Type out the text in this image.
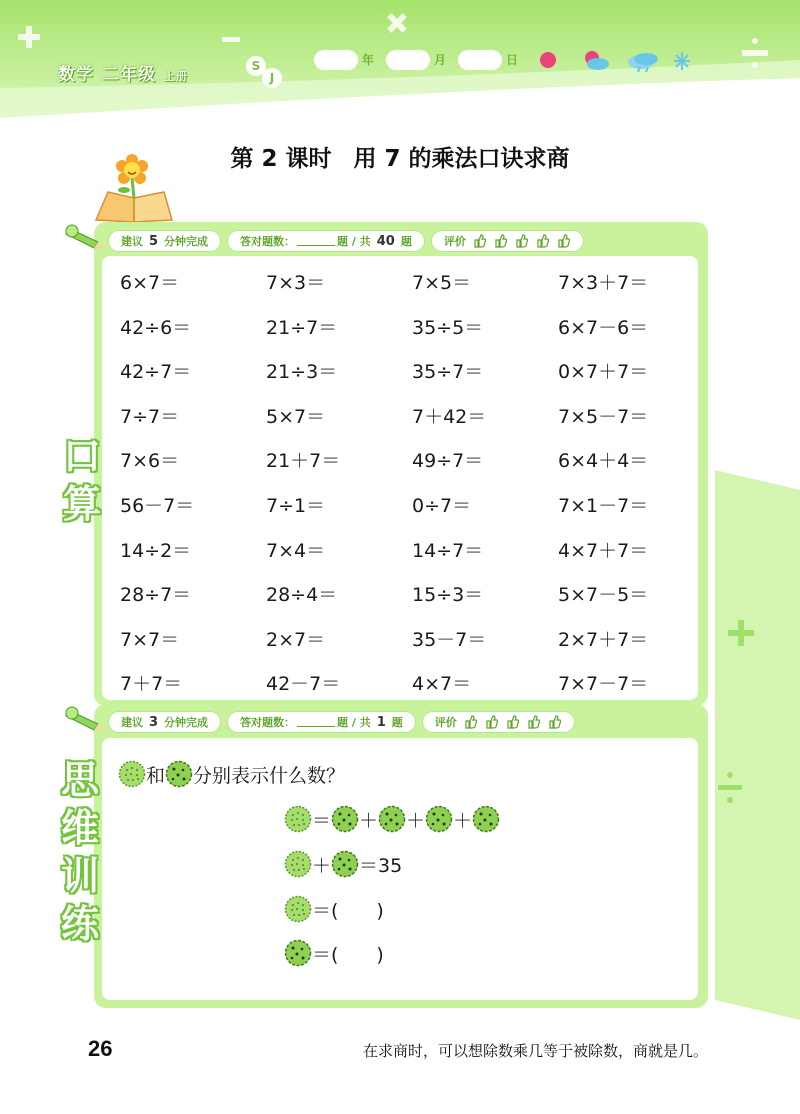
数学 二年级 上册
S
J
年	月	日
第 2 课时 用 7 的乘法口诀求商
建议 5 分钟完成	答对题数：	题 / 共 40 题	评价
口
算
6×7＝	7×3＝	7×5＝	7×3＋7＝
42÷6＝	21÷7＝	35÷5＝	6×7－6＝
42÷7＝	21÷3＝	35÷7＝	0×7＋7＝
7÷7＝	5×7＝	7＋42＝	7×5－7＝
7×6＝	21＋7＝	49÷7＝	6×4＋4＝
56－7＝	7÷1＝	0÷7＝	7×1－7＝
14÷2＝	7×4＝	14÷7＝	4×7＋7＝
28÷7＝	28÷4＝	15÷3＝	5×7－5＝
7×7＝	2×7＝	35－7＝	2×7＋7＝
7＋7＝	42－7＝	4×7＝	7×7－7＝
建议 3 分钟完成	答对题数：	题 / 共 1 题	评价
思
维
训
练
和 分别表示什么数？
＝ ＋ ＋ ＋
＋ ＝35
＝(　　)
＝(　　)
26	在求商时，可以想除数乘几等于被除数，商就是几。
